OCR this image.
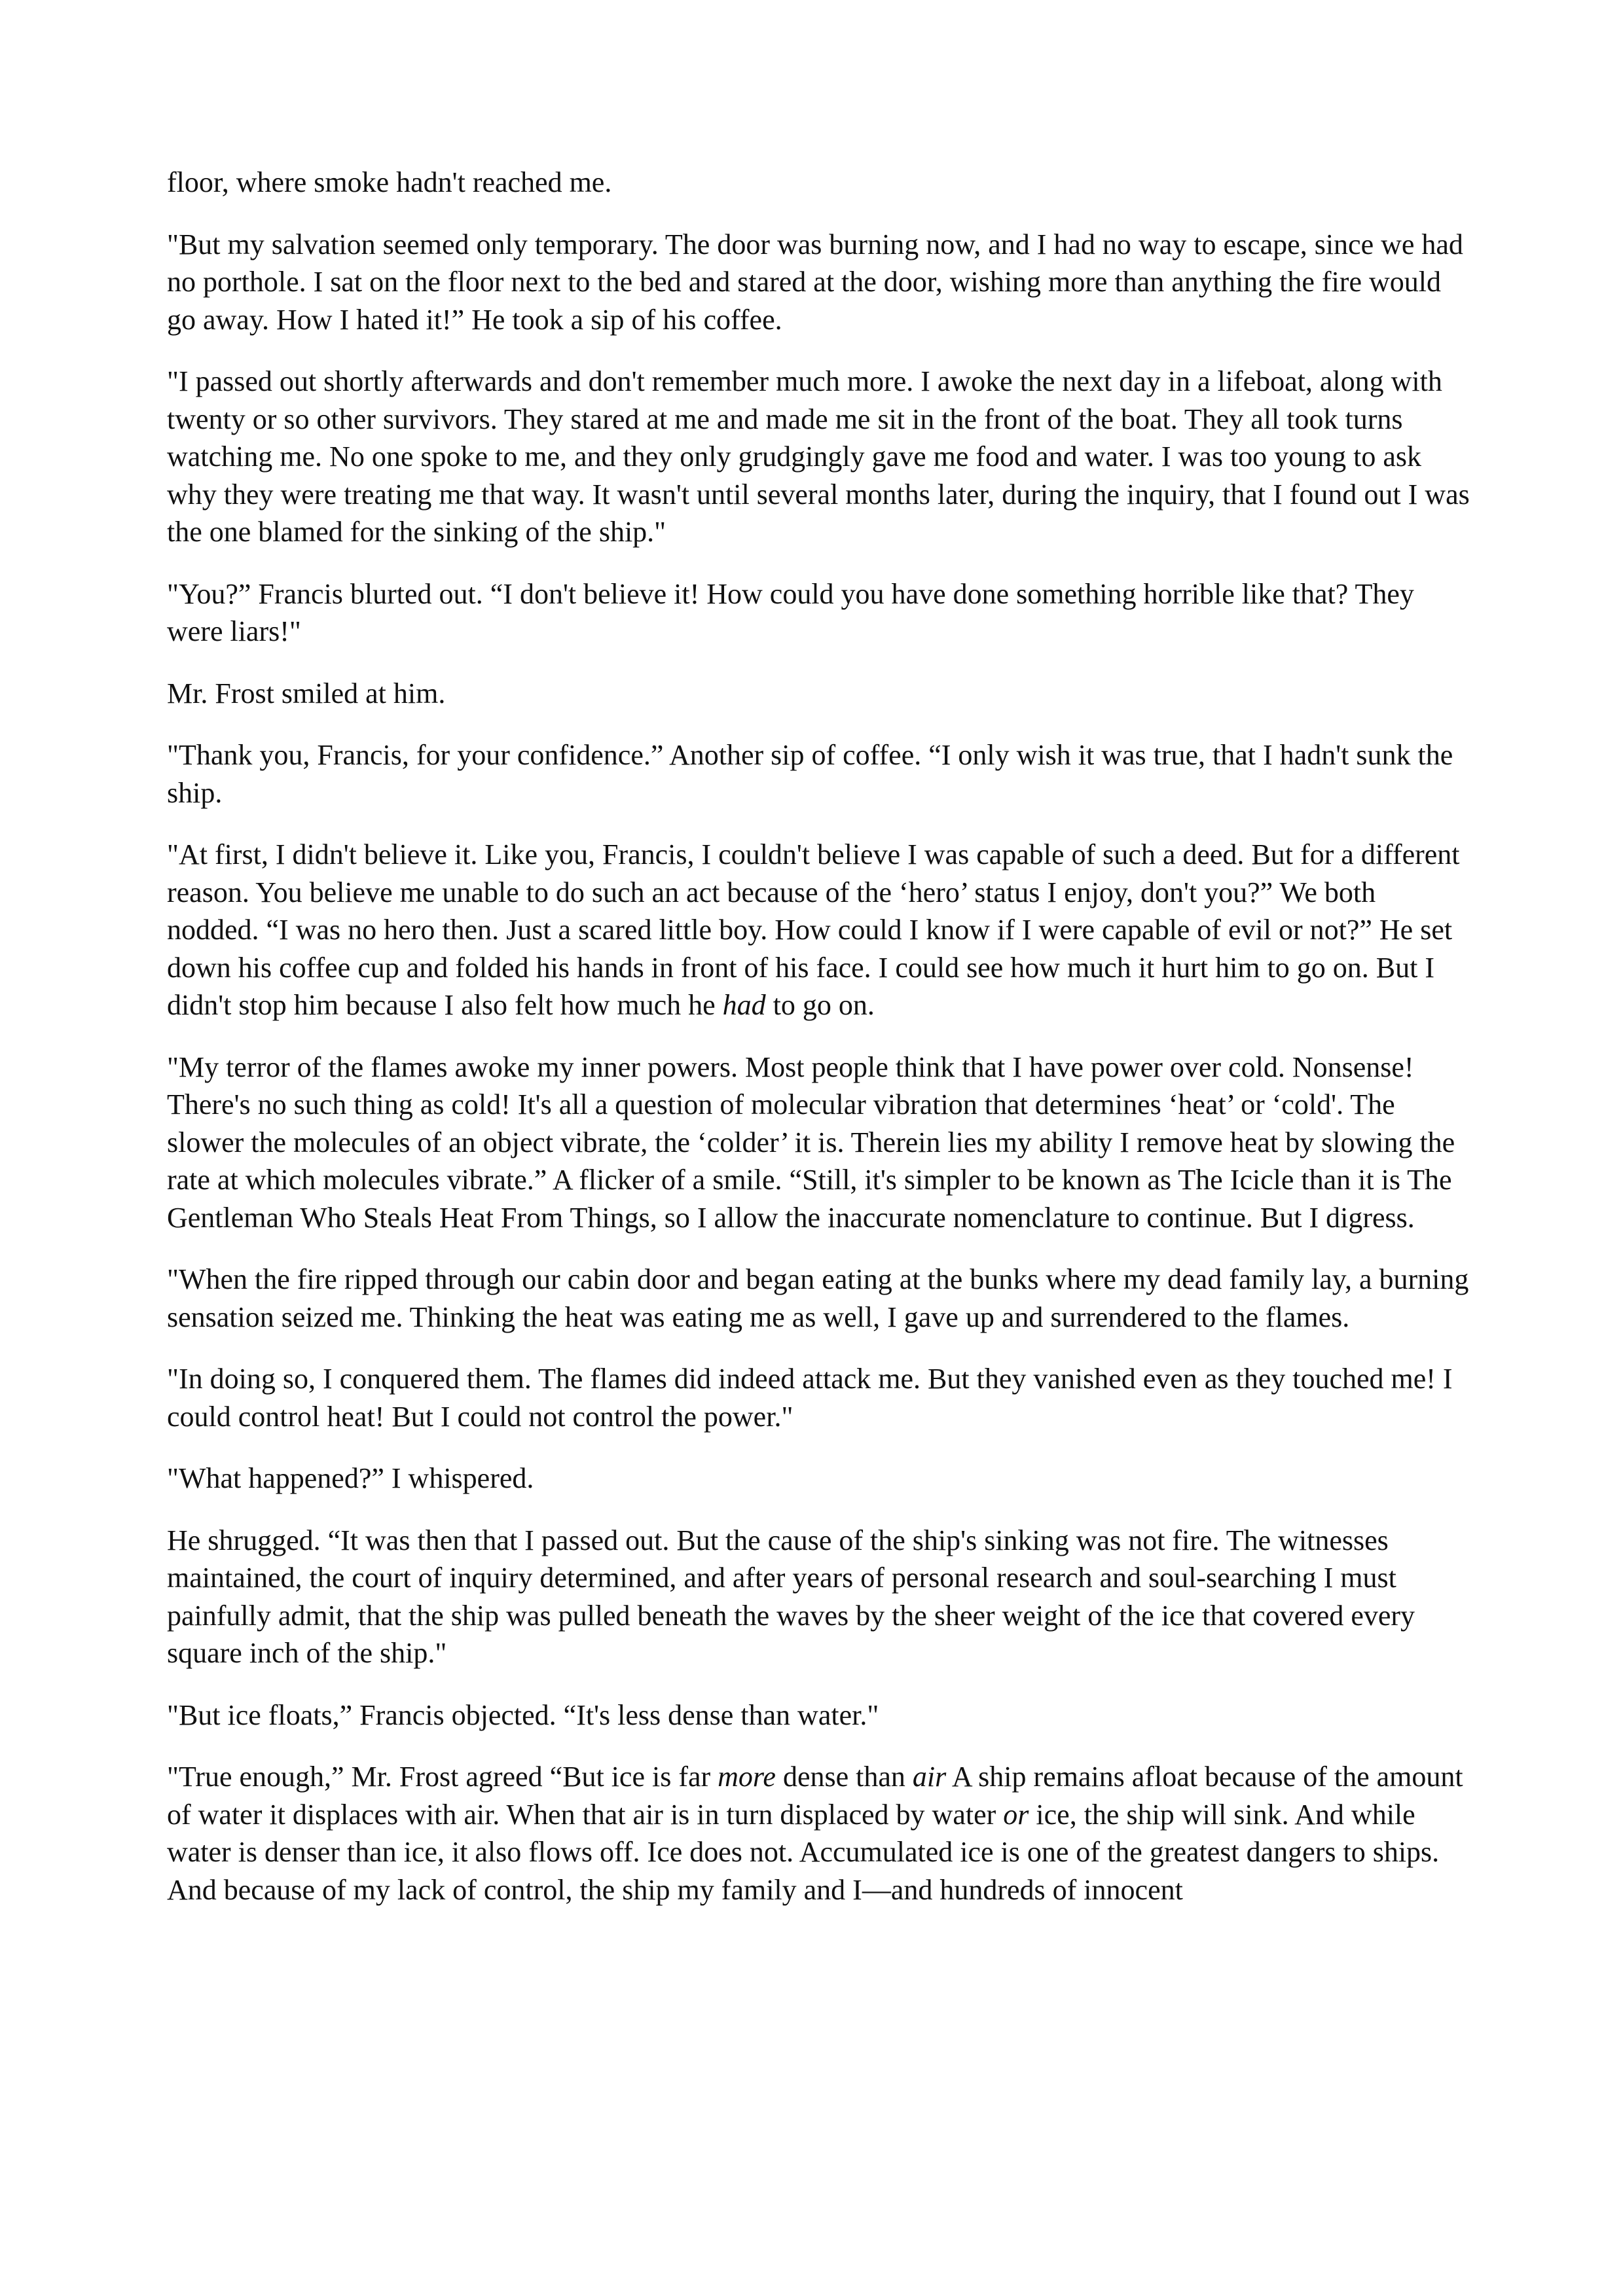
floor, where smoke hadn't reached me.

"But my salvation seemed only temporary. The door was burning now, and I had no way to escape, since we had no porthole. I sat on the floor next to the bed and stared at the door, wishing more than anything the fire would go away. How I hated it!” He took a sip of his coffee.

"I passed out shortly afterwards and don't remember much more. I awoke the next day in a lifeboat, along with twenty or so other survivors. They stared at me and made me sit in the front of the boat. They all took turns watching me. No one spoke to me, and they only grudgingly gave me food and water. I was too young to ask why they were treating me that way. It wasn't until several months later, during the inquiry, that I found out I was the one blamed for the sinking of the ship."

"You?” Francis blurted out. “I don't believe it! How could you have done something horrible like that? They were liars!"

Mr. Frost smiled at him.

"Thank you, Francis, for your confidence.” Another sip of coffee. “I only wish it was true, that I hadn't sunk the ship.

"At first, I didn't believe it. Like you, Francis, I couldn't believe I was capable of such a deed. But for a different reason. You believe me unable to do such an act because of the ‘hero’ status I enjoy, don't you?” We both nodded. “I was no hero then. Just a scared little boy. How could I know if I were capable of evil or not?” He set down his coffee cup and folded his hands in front of his face. I could see how much it hurt him to go on. But I didn't stop him because I also felt how much he had to go on.

"My terror of the flames awoke my inner powers. Most people think that I have power over cold. Nonsense! There's no such thing as cold! It's all a question of molecular vibration that determines ‘heat’ or ‘cold'. The slower the molecules of an object vibrate, the ‘colder’ it is. Therein lies my ability I remove heat by slowing the rate at which molecules vibrate.” A flicker of a smile. “Still, it's simpler to be known as The Icicle than it is The Gentleman Who Steals Heat From Things, so I allow the inaccurate nomenclature to continue. But I digress.

"When the fire ripped through our cabin door and began eating at the bunks where my dead family lay, a burning sensation seized me. Thinking the heat was eating me as well, I gave up and surrendered to the flames.

"In doing so, I conquered them. The flames did indeed attack me. But they vanished even as they touched me! I could control heat! But I could not control the power."

"What happened?” I whispered.

He shrugged. “It was then that I passed out. But the cause of the ship's sinking was not fire. The witnesses maintained, the court of inquiry determined, and after years of personal research and soul-searching I must painfully admit, that the ship was pulled beneath the waves by the sheer weight of the ice that covered every square inch of the ship."

"But ice floats,” Francis objected. “It's less dense than water."

"True enough,” Mr. Frost agreed “But ice is far more dense than air A ship remains afloat because of the amount of water it displaces with air. When that air is in turn displaced by water or ice, the ship will sink. And while water is denser than ice, it also flows off. Ice does not. Accumulated ice is one of the greatest dangers to ships. And because of my lack of control, the ship my family and I—and hundreds of innocent
